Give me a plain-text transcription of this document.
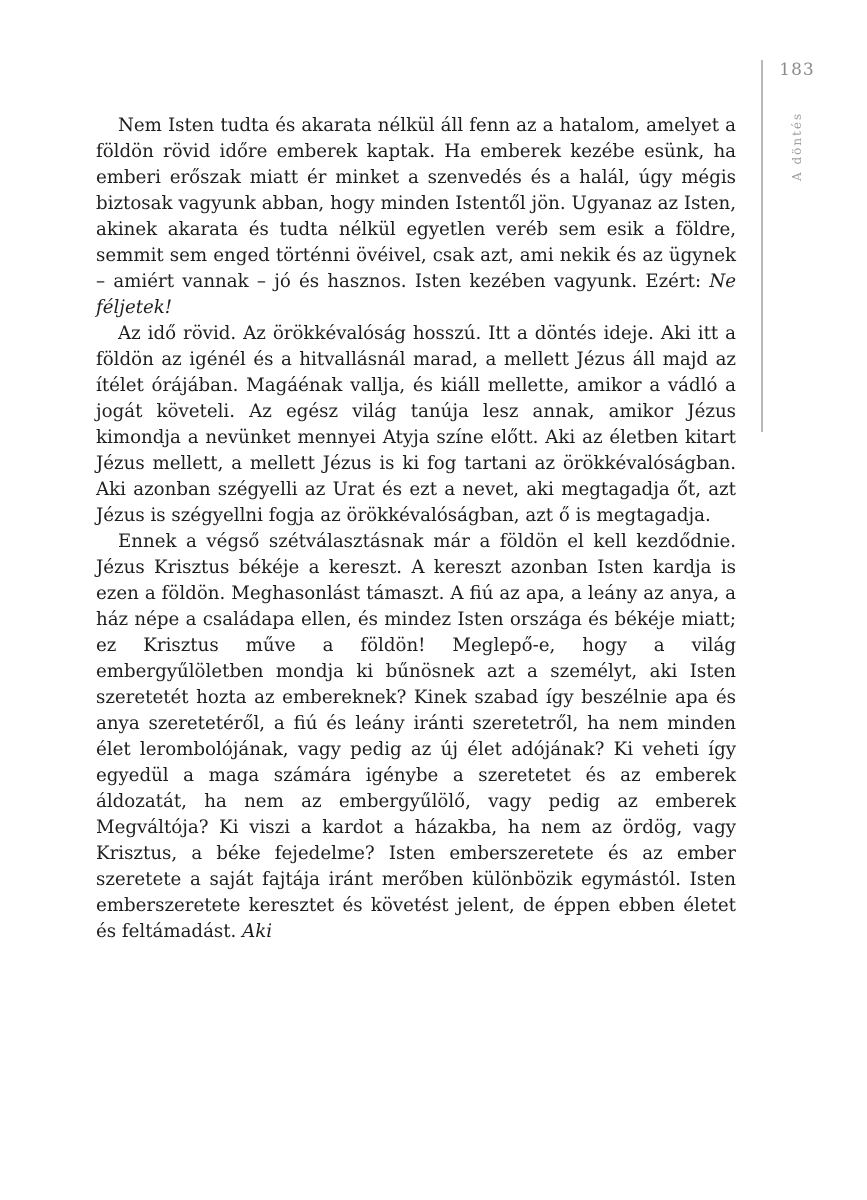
183
A döntés

Nem Isten tudta és akarata nélkül áll fenn az a hatalom, amelyet a földön rövid időre emberek kaptak. Ha emberek kezébe esünk, ha emberi erőszak miatt ér minket a szenvedés és a halál, úgy mégis biztosak vagyunk abban, hogy minden Istentől jön. Ugyanaz az Isten, akinek akarata és tudta nélkül egyetlen veréb sem esik a földre, semmit sem enged történni övéivel, csak azt, ami nekik és az ügynek – amiért vannak – jó és hasznos. Isten kezében vagyunk. Ezért: Ne féljetek!

Az idő rövid. Az örökkévalóság hosszú. Itt a döntés ideje. Aki itt a földön az igénél és a hitvallásnál marad, a mellett Jézus áll majd az ítélet órájában. Magáénak vallja, és kiáll mellette, amikor a vádló a jogát követeli. Az egész világ tanúja lesz annak, amikor Jézus kimondja a nevünket mennyei Atyja színe előtt. Aki az életben kitart Jézus mellett, a mellett Jézus is ki fog tartani az örökkévalóságban. Aki azonban szégyelli az Urat és ezt a nevet, aki megtagadja őt, azt Jézus is szégyellni fogja az örökkévalóságban, azt ő is megtagadja.

Ennek a végső szétválasztásnak már a földön el kell kezdődnie. Jézus Krisztus békéje a kereszt. A kereszt azonban Isten kardja is ezen a földön. Meghasonlást támaszt. A fiú az apa, a leány az anya, a ház népe a családapa ellen, és mindez Isten országa és békéje miatt; ez Krisztus műve a földön! Meglepő-e, hogy a világ embergyűlöletben mondja ki bűnösnek azt a személyt, aki Isten szeretetét hozta az embereknek? Kinek szabad így beszélnie apa és anya szeretetéről, a fiú és leány iránti szeretetről, ha nem minden élet lerombolójának, vagy pedig az új élet adójának? Ki veheti így egyedül a maga számára igénybe a szeretetet és az emberek áldozatát, ha nem az embergyűlölő, vagy pedig az emberek Megváltója? Ki viszi a kardot a házakba, ha nem az ördög, vagy Krisztus, a béke fejedelme? Isten emberszeretete és az ember szeretete a saját fajtája iránt merőben különbözik egymástól. Isten emberszeretete keresztet és követést jelent, de éppen ebben életet és feltámadást. Aki
